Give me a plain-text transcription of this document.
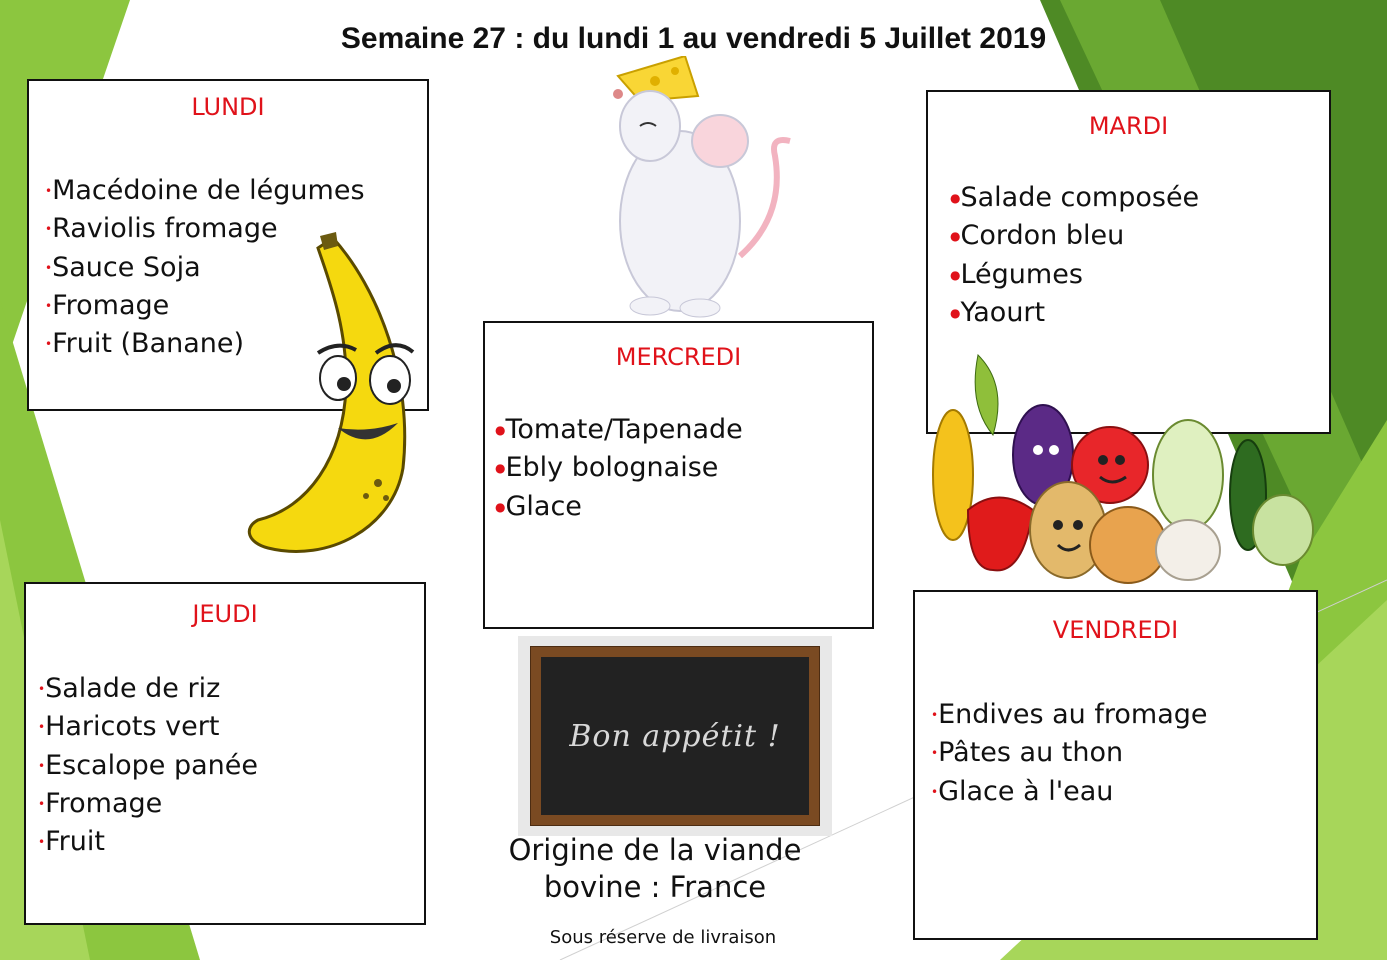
Semaine 27 : du lundi 1 au vendredi 5 Juillet 2019
LUNDI
•Macédoine de légumes
•Raviolis fromage
•Sauce Soja
•Fromage
•Fruit (Banane)
MARDI
●Salade composée
●Cordon bleu
●Légumes
●Yaourt
MERCREDI
●Tomate/Tapenade
●Ebly bolognaise
●Glace
JEUDI
•Salade de riz
•Haricots vert
•Escalope panée
•Fromage
•Fruit
VENDREDI
•Endives au fromage
•Pâtes au thon
•Glace à l'eau
Bon appétit !
Origine de la viande
bovine : France
Sous réserve de livraison
